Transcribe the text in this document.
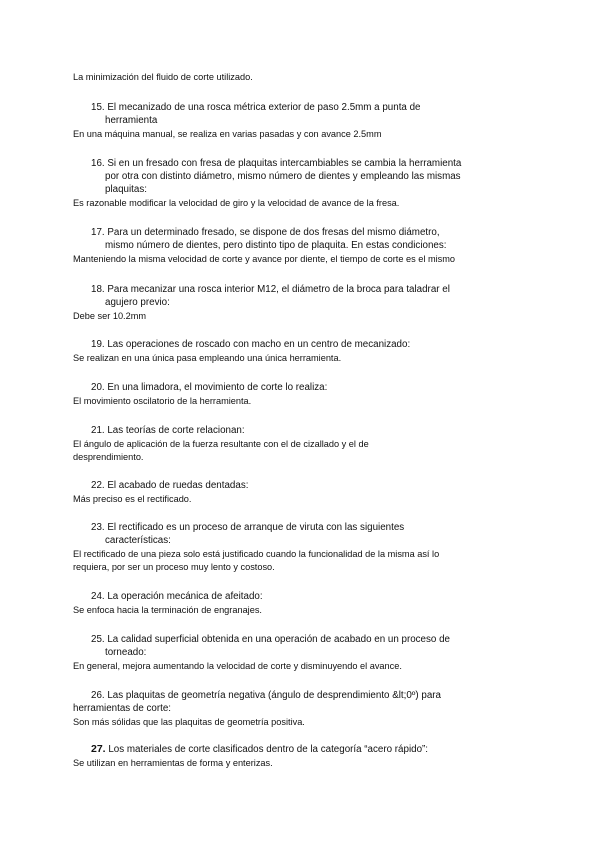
La minimización del fluido de corte utilizado.
15. El mecanizado de una rosca métrica exterior de paso 2.5mm a punta de
herramienta
En una máquina manual, se realiza en varias pasadas y con avance 2.5mm
16. Si en un fresado con fresa de plaquitas intercambiables se cambia la herramienta
por otra con distinto diámetro, mismo número de dientes y empleando las mismas
plaquitas:
Es razonable modificar la velocidad de giro y la velocidad de avance de la fresa.
17. Para un determinado fresado, se dispone de dos fresas del mismo diámetro,
mismo número de dientes, pero distinto tipo de plaquita. En estas condiciones:
Manteniendo la misma velocidad de corte y avance por diente, el tiempo de corte es el mismo
18. Para mecanizar una rosca interior M12, el diámetro de la broca para taladrar el
agujero previo:
Debe ser 10.2mm
19. Las operaciones de roscado con macho en un centro de mecanizado:
Se realizan en una única pasa empleando una única herramienta.
20. En una limadora, el movimiento de corte lo realiza:
El movimiento oscilatorio de la herramienta.
21. Las teorías de corte relacionan:
El ángulo de aplicación de la fuerza resultante con el de cizallado y el de
desprendimiento.
22. El acabado de ruedas dentadas:
Más preciso es el rectificado.
23. El rectificado es un proceso de arranque de viruta con las siguientes
características:
El rectificado de una pieza solo está justificado cuando la funcionalidad de la misma así lo
requiera, por ser un proceso muy lento y costoso.
24. La operación mecánica de afeitado:
Se enfoca hacia la terminación de engranajes.
25. La calidad superficial obtenida en una operación de acabado en un proceso de
torneado:
En general, mejora aumentando la velocidad de corte y disminuyendo el avance.
26. Las plaquitas de geometría negativa (ángulo de desprendimiento &lt;0º) para
herramientas de corte:
Son más sólidas que las plaquitas de geometría positiva.
27. Los materiales de corte clasificados dentro de la categoría “acero rápido”:
Se utilizan en herramientas de forma y enterizas.
